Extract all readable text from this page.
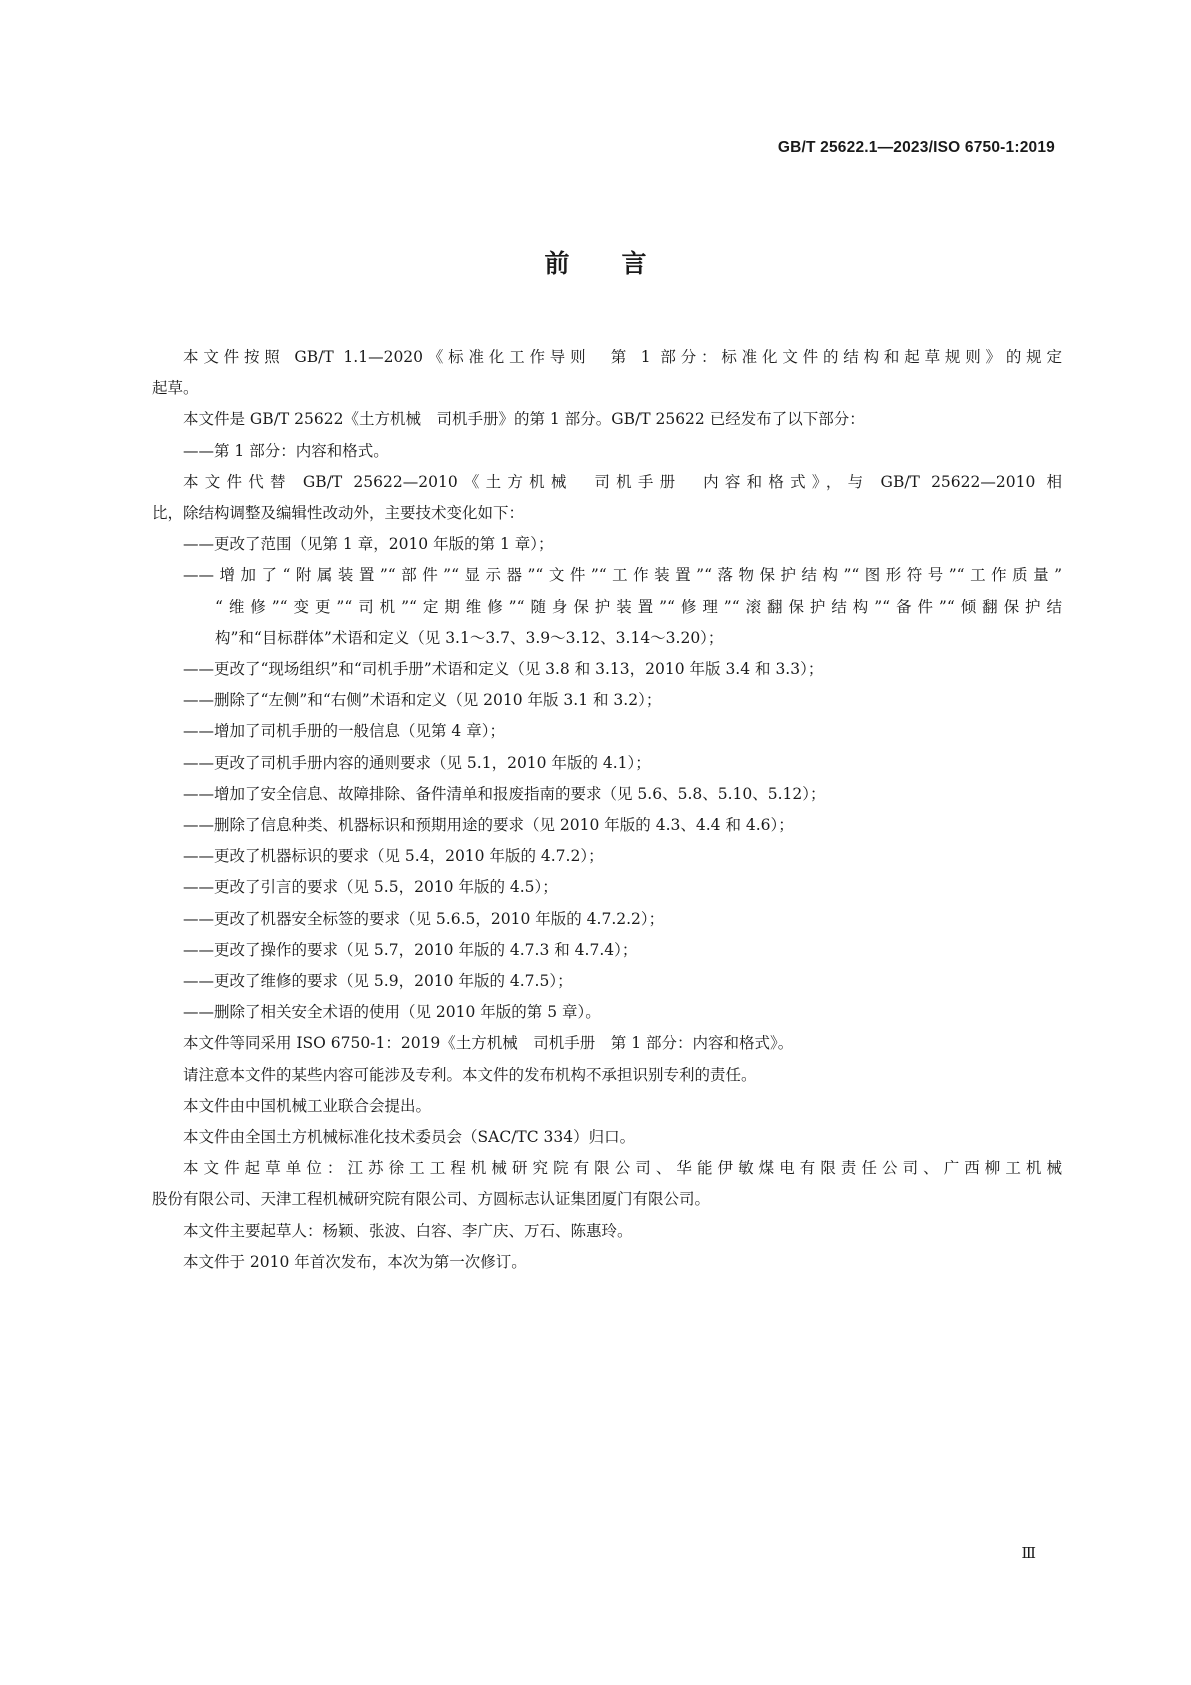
GB/T 25622.1—2023/ISO 6750-1:2019
前言
本文件按照 GB/T 1.1—2020《标准化工作导则　第 1 部分：标准化文件的结构和起草规则》的规定
起草。
本文件是 GB/T 25622《土方机械　司机手册》的第 1 部分。GB/T 25622 已经发布了以下部分：
——第 1 部分：内容和格式。
本文件代替 GB/T 25622—2010《土方机械　司机手册　内容和格式》，与 GB/T 25622—2010 相
比，除结构调整及编辑性改动外，主要技术变化如下：
——更改了范围（见第 1 章，2010 年版的第 1 章）；
——增加了“附属装置”“部件”“显示器”“文件”“工作装置”“落物保护结构”“图形符号”“工作质量”
“维修”“变更”“司机”“定期维修”“随身保护装置”“修理”“滚翻保护结构”“备件”“倾翻保护结
构”和“目标群体”术语和定义（见 3.1～3.7、3.9～3.12、3.14～3.20）；
——更改了“现场组织”和“司机手册”术语和定义（见 3.8 和 3.13，2010 年版 3.4 和 3.3）；
——删除了“左侧”和“右侧”术语和定义（见 2010 年版 3.1 和 3.2）；
——增加了司机手册的一般信息（见第 4 章）；
——更改了司机手册内容的通则要求（见 5.1，2010 年版的 4.1）；
——增加了安全信息、故障排除、备件清单和报废指南的要求（见 5.6、5.8、5.10、5.12）；
——删除了信息种类、机器标识和预期用途的要求（见 2010 年版的 4.3、4.4 和 4.6）；
——更改了机器标识的要求（见 5.4，2010 年版的 4.7.2）；
——更改了引言的要求（见 5.5，2010 年版的 4.5）；
——更改了机器安全标签的要求（见 5.6.5，2010 年版的 4.7.2.2）；
——更改了操作的要求（见 5.7，2010 年版的 4.7.3 和 4.7.4）；
——更改了维修的要求（见 5.9，2010 年版的 4.7.5）；
——删除了相关安全术语的使用（见 2010 年版的第 5 章）。
本文件等同采用 ISO 6750-1：2019《土方机械　司机手册　第 1 部分：内容和格式》。
请注意本文件的某些内容可能涉及专利。本文件的发布机构不承担识别专利的责任。
本文件由中国机械工业联合会提出。
本文件由全国土方机械标准化技术委员会（SAC/TC 334）归口。
本文件起草单位：江苏徐工工程机械研究院有限公司、华能伊敏煤电有限责任公司、广西柳工机械
股份有限公司、天津工程机械研究院有限公司、方圆标志认证集团厦门有限公司。
本文件主要起草人：杨颖、张波、白容、李广庆、万石、陈惠玲。
本文件于 2010 年首次发布，本次为第一次修订。
Ⅲ
